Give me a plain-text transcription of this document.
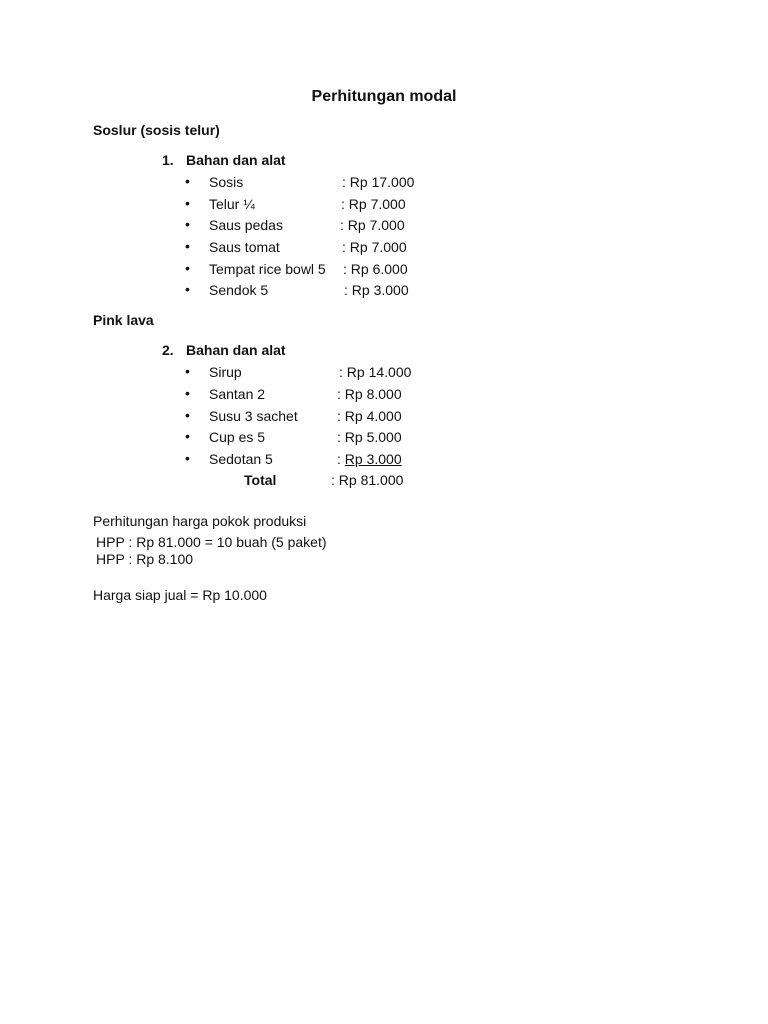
Perhitungan modal
Soslur (sosis telur)
1. Bahan dan alat
• Sosis	: Rp 17.000
• Telur ¼	: Rp 7.000
• Saus pedas	: Rp 7.000
• Saus tomat	: Rp 7.000
• Tempat rice bowl 5 : Rp 6.000
• Sendok 5	: Rp 3.000
Pink lava
2. Bahan dan alat
• Sirup	: Rp 14.000
• Santan 2	: Rp 8.000
• Susu 3 sachet	: Rp 4.000
• Cup es 5	: Rp 5.000
• Sedotan 5	: Rp 3.000
Total	: Rp 81.000
Perhitungan harga pokok produksi
HPP : Rp 81.000 = 10 buah (5 paket)
HPP : Rp 8.100
Harga siap jual = Rp 10.000
